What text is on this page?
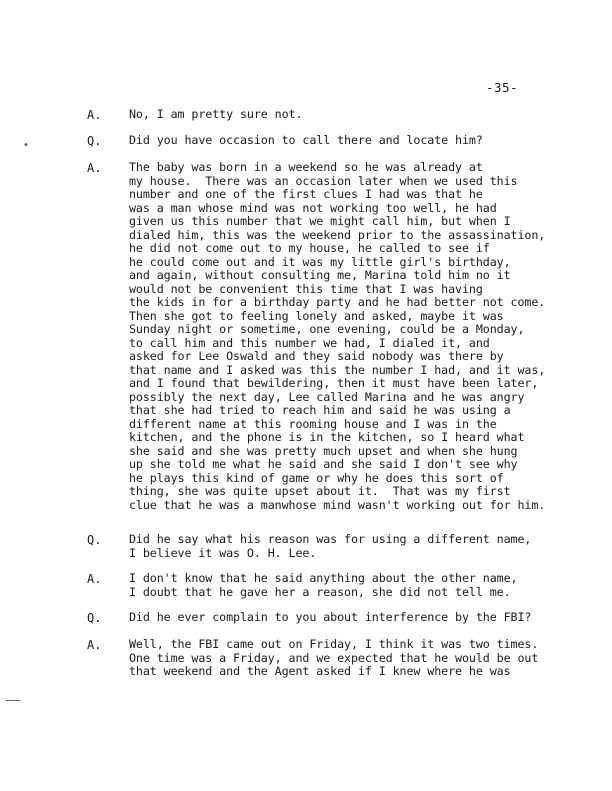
-35-
•
A. No, I am pretty sure not.
Q. Did you have occasion to call there and locate him?
A. The baby was born in a weekend so he was already at
my house.  There was an occasion later when we used this
number and one of the first clues I had was that he
was a man whose mind was not working too well, he had
given us this number that we might call him, but when I
dialed him, this was the weekend prior to the assassination,
he did not come out to my house, he called to see if
he could come out and it was my little girl's birthday,
and again, without consulting me, Marina told him no it
would not be convenient this time that I was having
the kids in for a birthday party and he had better not come.
Then she got to feeling lonely and asked, maybe it was
Sunday night or sometime, one evening, could be a Monday,
to call him and this number we had, I dialed it, and
asked for Lee Oswald and they said nobody was there by
that name and I asked was this the number I had, and it was,
and I found that bewildering, then it must have been later,
possibly the next day, Lee called Marina and he was angry
that she had tried to reach him and said he was using a
different name at this rooming house and I was in the
kitchen, and the phone is in the kitchen, so I heard what
she said and she was pretty much upset and when she hung
up she told me what he said and she said I don't see why
he plays this kind of game or why he does this sort of
thing, she was quite upset about it.  That was my first
clue that he was a manwhose mind wasn't working out for him.
Q. Did he say what his reason was for using a different name,
I believe it was O. H. Lee.
A. I don't know that he said anything about the other name,
I doubt that he gave her a reason, she did not tell me.
Q. Did he ever complain to you about interference by the FBI?
A. Well, the FBI came out on Friday, I think it was two times.
One time was a Friday, and we expected that he would be out
that weekend and the Agent asked if I knew where he was
